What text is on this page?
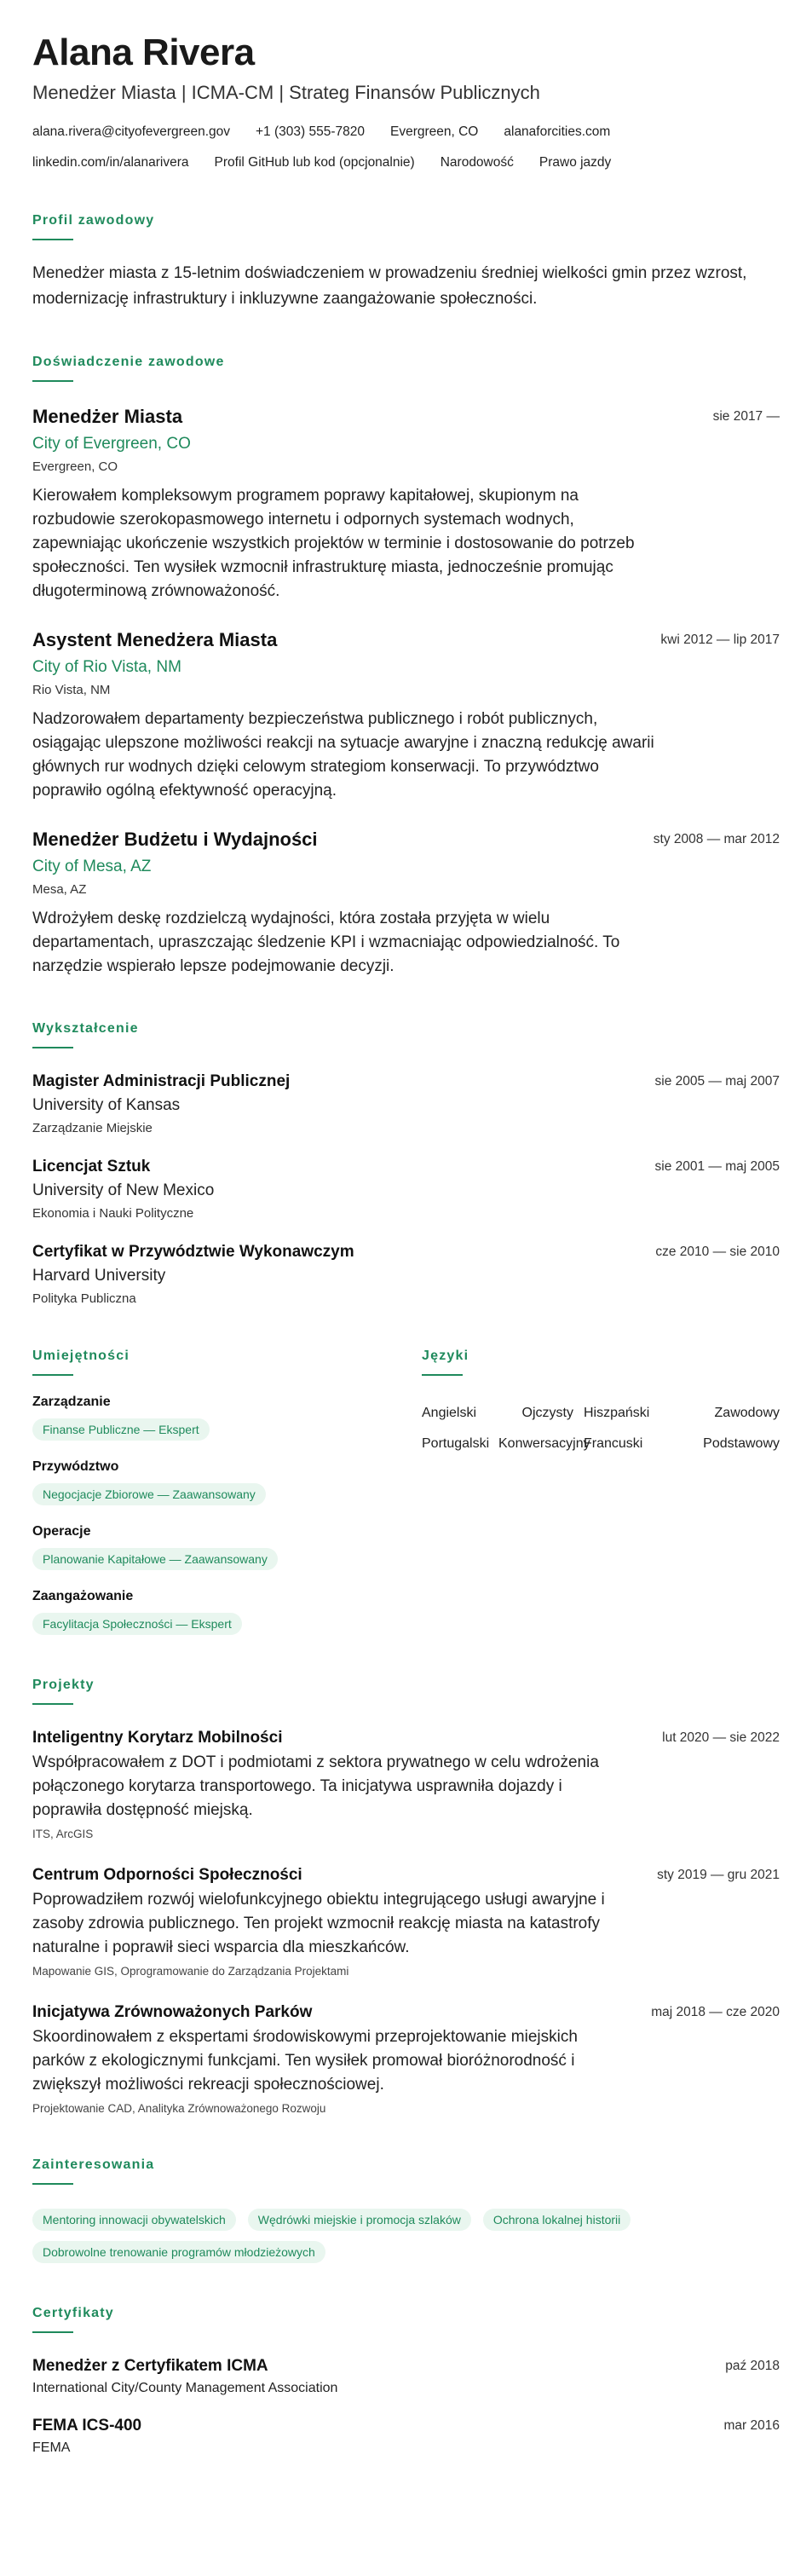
Alana Rivera
Menedżer Miasta | ICMA-CM | Strateg Finansów Publicznych
alana.rivera@cityofevergreen.gov +1 (303) 555-7820 Evergreen, CO alanaforcities.com
linkedin.com/in/alanarivera Profil GitHub lub kod (opcjonalnie) Narodowość Prawo jazdy
Profil zawodowy
Menedżer miasta z 15-letnim doświadczeniem w prowadzeniu średniej wielkości gmin przez wzrost, modernizację infrastruktury i inkluzywne zaangażowanie społeczności.
Doświadczenie zawodowe
Menedżer Miasta	sie 2017 —
City of Evergreen, CO
Evergreen, CO
Kierowałem kompleksowym programem poprawy kapitałowej, skupionym na rozbudowie szerokopasmowego internetu i odpornych systemach wodnych, zapewniając ukończenie wszystkich projektów w terminie i dostosowanie do potrzeb społeczności. Ten wysiłek wzmocnił infrastrukturę miasta, jednocześnie promując długoterminową zrównoważoność.
Asystent Menedżera Miasta	kwi 2012 — lip 2017
City of Rio Vista, NM
Rio Vista, NM
Nadzorowałem departamenty bezpieczeństwa publicznego i robót publicznych, osiągając ulepszone możliwości reakcji na sytuacje awaryjne i znaczną redukcję awarii głównych rur wodnych dzięki celowym strategiom konserwacji. To przywództwo poprawiło ogólną efektywność operacyjną.
Menedżer Budżetu i Wydajności	sty 2008 — mar 2012
City of Mesa, AZ
Mesa, AZ
Wdrożyłem deskę rozdzielczą wydajności, która została przyjęta w wielu departamentach, upraszczając śledzenie KPI i wzmacniając odpowiedzialność. To narzędzie wspierało lepsze podejmowanie decyzji.
Wykształcenie
Magister Administracji Publicznej	sie 2005 — maj 2007
University of Kansas
Zarządzanie Miejskie
Licencjat Sztuk	sie 2001 — maj 2005
University of New Mexico
Ekonomia i Nauki Polityczne
Certyfikat w Przywództwie Wykonawczym	cze 2010 — sie 2010
Harvard University
Polityka Publiczna
Umiejętności
Zarządzanie
Finanse Publiczne — Ekspert
Przywództwo
Negocjacje Zbiorowe — Zaawansowany
Operacje
Planowanie Kapitałowe — Zaawansowany
Zaangażowanie
Facylitacja Społeczności — Ekspert
Języki
Angielski	Ojczysty Hiszpański	Zawodowy
Portugalski Konwersacyjny
Francuski	Podstawowy
Projekty
Inteligentny Korytarz Mobilności	lut 2020 — sie 2022
Współpracowałem z DOT i podmiotami z sektora prywatnego w celu wdrożenia połączonego korytarza transportowego. Ta inicjatywa usprawniła dojazdy i poprawiła dostępność miejską.
ITS, ArcGIS
Centrum Odporności Społeczności	sty 2019 — gru 2021
Poprowadziłem rozwój wielofunkcyjnego obiektu integrującego usługi awaryjne i zasoby zdrowia publicznego. Ten projekt wzmocnił reakcję miasta na katastrofy naturalne i poprawił sieci wsparcia dla mieszkańców.
Mapowanie GIS, Oprogramowanie do Zarządzania Projektami
Inicjatywa Zrównoważonych Parków	maj 2018 — cze 2020
Skoordinowałem z ekspertami środowiskowymi przeprojektowanie miejskich parków z ekologicznymi funkcjami. Ten wysiłek promował bioróżnorodność i zwiększył możliwości rekreacji społecznościowej.
Projektowanie CAD, Analityka Zrównoważonego Rozwoju
Zainteresowania
Mentoring innowacji obywatelskich	Wędrówki miejskie i promocja szlaków	Ochrona lokalnej historii
Dobrowolne trenowanie programów młodzieżowych
Certyfikaty
Menedżer z Certyfikatem ICMA	paź 2018
International City/County Management Association
FEMA ICS-400	mar 2016
FEMA
